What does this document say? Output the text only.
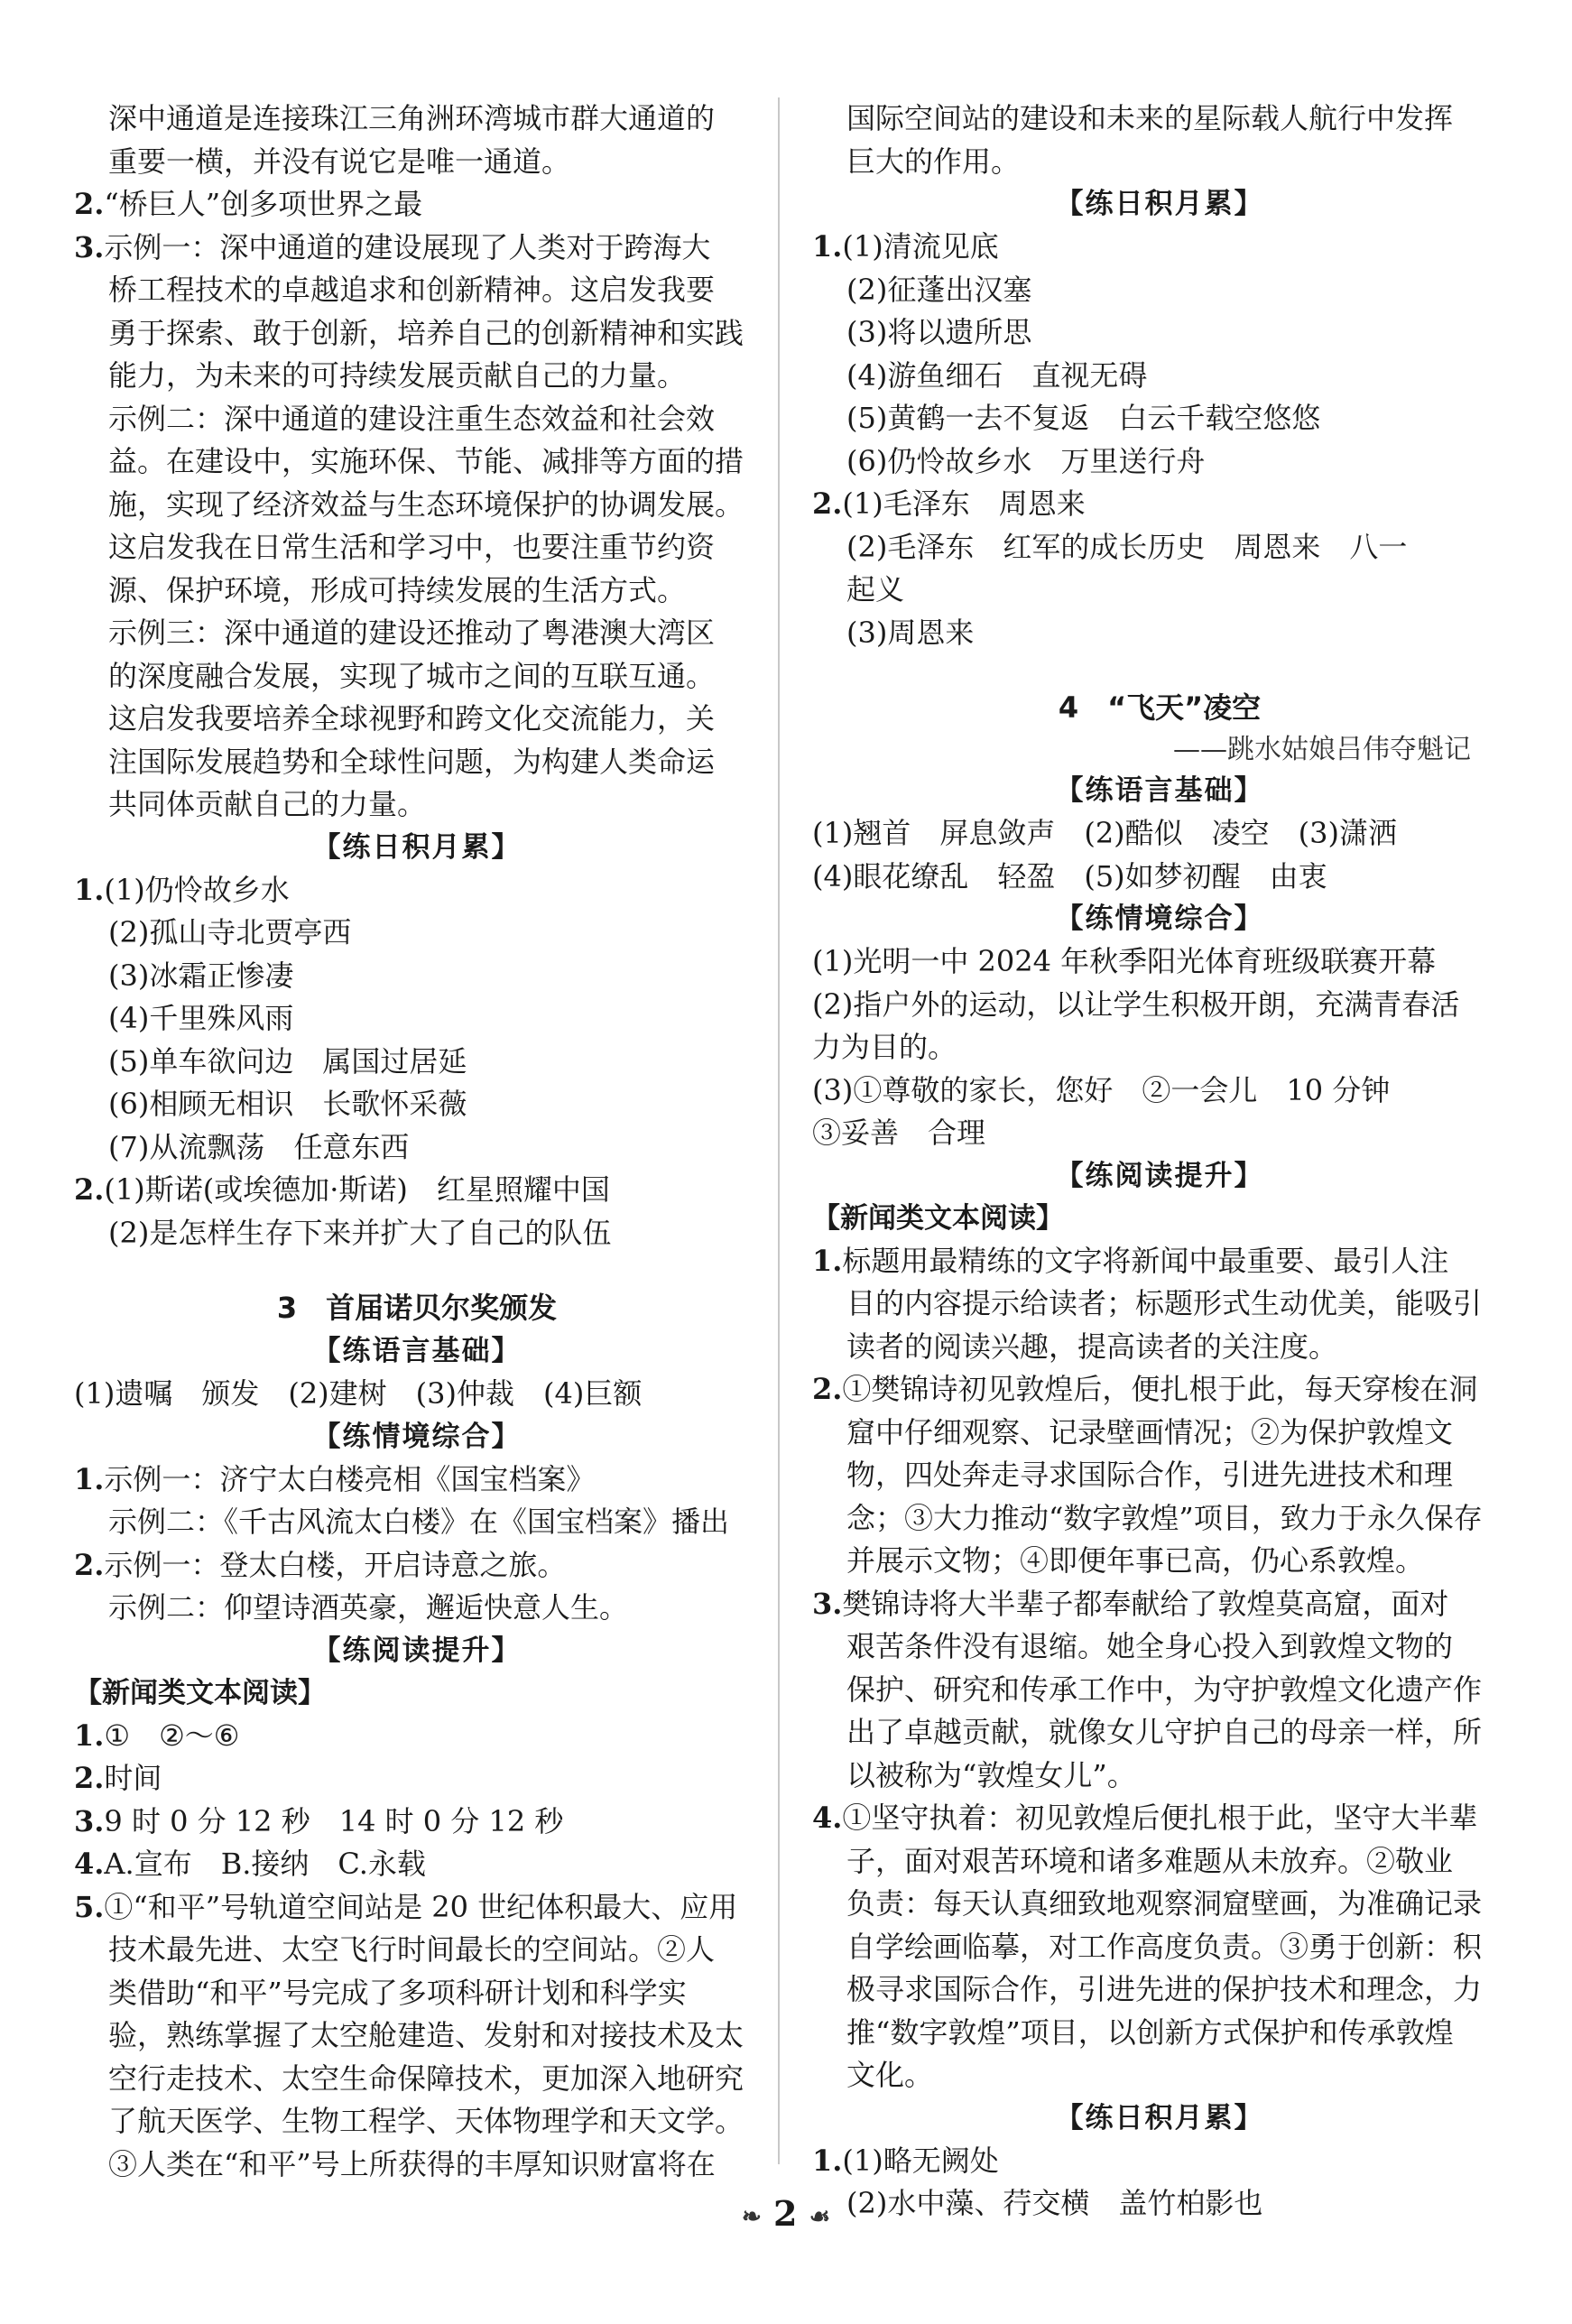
深中通道是连接珠江三角洲环湾城市群大通道的
重要一横，并没有说它是唯一通道。
2.“桥巨人”创多项世界之最
3.示例一：深中通道的建设展现了人类对于跨海大
桥工程技术的卓越追求和创新精神。这启发我要
勇于探索、敢于创新，培养自己的创新精神和实践
能力，为未来的可持续发展贡献自己的力量。
示例二：深中通道的建设注重生态效益和社会效
益。在建设中，实施环保、节能、减排等方面的措
施，实现了经济效益与生态环境保护的协调发展。
这启发我在日常生活和学习中，也要注重节约资
源、保护环境，形成可持续发展的生活方式。
示例三：深中通道的建设还推动了粤港澳大湾区
的深度融合发展，实现了城市之间的互联互通。
这启发我要培养全球视野和跨文化交流能力，关
注国际发展趋势和全球性问题，为构建人类命运
共同体贡献自己的力量。
【练日积月累】
1.(1)仍怜故乡水
(2)孤山寺北贾亭西
(3)冰霜正惨凄
(4)千里殊风雨
(5)单车欲问边　属国过居延
(6)相顾无相识　长歌怀采薇
(7)从流飘荡　任意东西
2.(1)斯诺(或埃德加·斯诺)　红星照耀中国
(2)是怎样生存下来并扩大了自己的队伍
3　首届诺贝尔奖颁发
【练语言基础】
(1)遗嘱　颁发　(2)建树　(3)仲裁　(4)巨额
【练情境综合】
1.示例一：济宁太白楼亮相《国宝档案》
示例二：《千古风流太白楼》在《国宝档案》播出
2.示例一：登太白楼，开启诗意之旅。
示例二：仰望诗酒英豪，邂逅快意人生。
【练阅读提升】
【新闻类文本阅读】
1.①　②～⑥
2.时间
3.9 时 0 分 12 秒　14 时 0 分 12 秒
4.A.宣布　B.接纳　C.永载
5.①“和平”号轨道空间站是 20 世纪体积最大、应用
技术最先进、太空飞行时间最长的空间站。②人
类借助“和平”号完成了多项科研计划和科学实
验，熟练掌握了太空舱建造、发射和对接技术及太
空行走技术、太空生命保障技术，更加深入地研究
了航天医学、生物工程学、天体物理学和天文学。
③人类在“和平”号上所获得的丰厚知识财富将在
国际空间站的建设和未来的星际载人航行中发挥
巨大的作用。
【练日积月累】
1.(1)清流见底
(2)征蓬出汉塞
(3)将以遗所思
(4)游鱼细石　直视无碍
(5)黄鹤一去不复返　白云千载空悠悠
(6)仍怜故乡水　万里送行舟
2.(1)毛泽东　周恩来
(2)毛泽东　红军的成长历史　周恩来　八一
起义
(3)周恩来
4　“飞天”凌空
——跳水姑娘吕伟夺魁记
【练语言基础】
(1)翘首　屏息敛声　(2)酷似　凌空　(3)潇洒
(4)眼花缭乱　轻盈　(5)如梦初醒　由衷
【练情境综合】
(1)光明一中 2024 年秋季阳光体育班级联赛开幕
(2)指户外的运动，以让学生积极开朗，充满青春活
力为目的。
(3)①尊敬的家长，您好　②一会儿　10 分钟
③妥善　合理
【练阅读提升】
【新闻类文本阅读】
1.标题用最精练的文字将新闻中最重要、最引人注
目的内容提示给读者；标题形式生动优美，能吸引
读者的阅读兴趣，提高读者的关注度。
2.①樊锦诗初见敦煌后，便扎根于此，每天穿梭在洞
窟中仔细观察、记录壁画情况；②为保护敦煌文
物，四处奔走寻求国际合作，引进先进技术和理
念；③大力推动“数字敦煌”项目，致力于永久保存
并展示文物；④即便年事已高，仍心系敦煌。
3.樊锦诗将大半辈子都奉献给了敦煌莫高窟，面对
艰苦条件没有退缩。她全身心投入到敦煌文物的
保护、研究和传承工作中，为守护敦煌文化遗产作
出了卓越贡献，就像女儿守护自己的母亲一样，所
以被称为“敦煌女儿”。
4.①坚守执着：初见敦煌后便扎根于此，坚守大半辈
子，面对艰苦环境和诸多难题从未放弃。②敬业
负责：每天认真细致地观察洞窟壁画，为准确记录
自学绘画临摹，对工作高度负责。③勇于创新：积
极寻求国际合作，引进先进的保护技术和理念，力
推“数字敦煌”项目，以创新方式保护和传承敦煌
文化。
【练日积月累】
1.(1)略无阙处
(2)水中藻、荇交横　盖竹柏影也
❧ 2 ☙
